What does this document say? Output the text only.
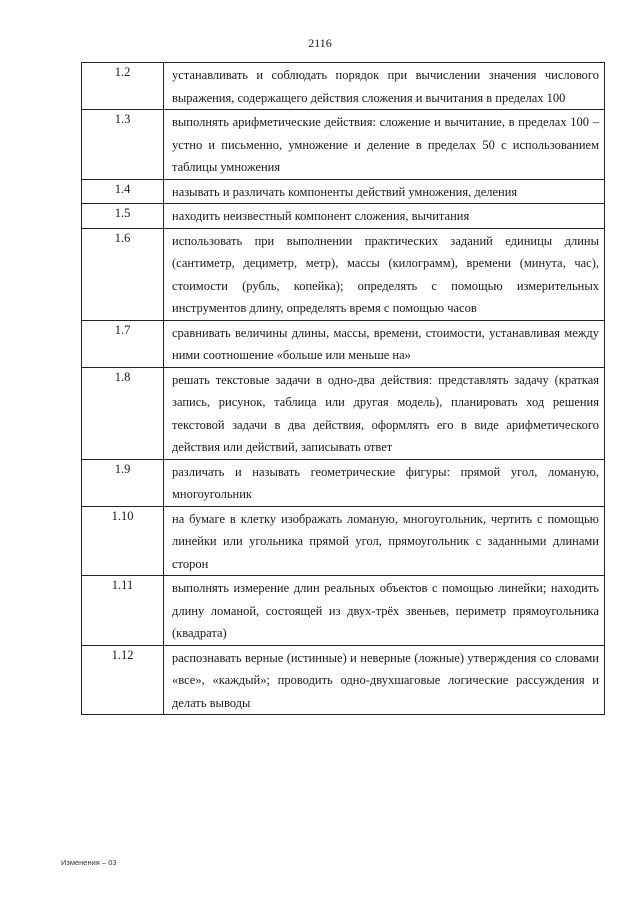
2116
1.2	устанавливать и соблюдать порядок при вычислении значения числового выражения, содержащего действия сложения и вычитания в пределах 100
1.3	выполнять арифметические действия: сложение и вычитание, в пределах 100 – устно и письменно, умножение и деление в пределах 50 с использованием таблицы умножения
1.4	называть и различать компоненты действий умножения, деления
1.5	находить неизвестный компонент сложения, вычитания
1.6	использовать при выполнении практических заданий единицы длины (сантиметр, дециметр, метр), массы (килограмм), времени (минута, час), стоимости (рубль, копейка); определять с помощью измерительных инструментов длину, определять время с помощью часов
1.7	сравнивать величины длины, массы, времени, стоимости, устанавливая между ними соотношение «больше или меньше на»
1.8	решать текстовые задачи в одно-два действия: представлять задачу (краткая запись, рисунок, таблица или другая модель), планировать ход решения текстовой задачи в два действия, оформлять его в виде арифметического действия или действий, записывать ответ
1.9	различать и называть геометрические фигуры: прямой угол, ломаную, многоугольник
1.10	на бумаге в клетку изображать ломаную, многоугольник, чертить с помощью линейки или угольника прямой угол, прямоугольник с заданными длинами сторон
1.11	выполнять измерение длин реальных объектов с помощью линейки; находить длину ломаной, состоящей из двух-трёх звеньев, периметр прямоугольника (квадрата)
1.12	распознавать верные (истинные) и неверные (ложные) утверждения со словами «все», «каждый»; проводить одно-двухшаговые логические рассуждения и делать выводы
Изменения – 03
